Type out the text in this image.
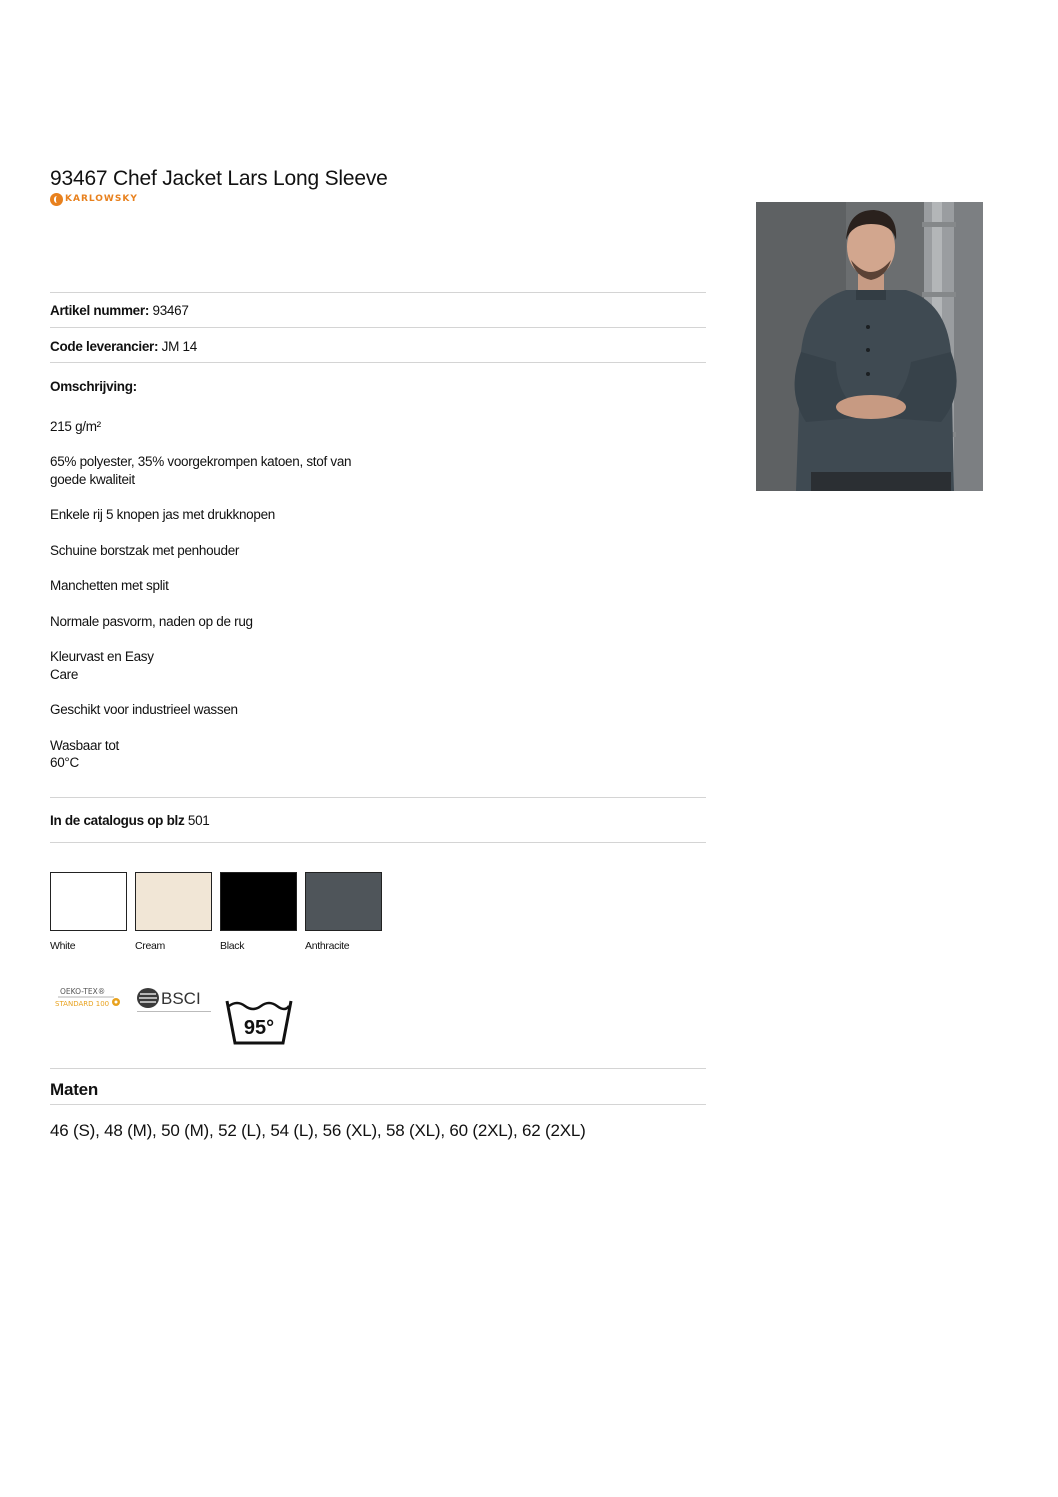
93467 Chef Jacket Lars Long Sleeve
KARLOWSKY
Artikel nummer: 93467
Code leverancier: JM 14

Omschrijving:

215 g/m²

65% polyester, 35% voorgekrompen katoen, stof van goede kwaliteit

Enkele rij 5 knopen jas met drukknopen

Schuine borstzak met penhouder

Manchetten met split

Normale pasvorm, naden op de rug

Kleurvast en Easy Care

Geschikt voor industrieel wassen

Wasbaar tot 60°C

In de catalogus op blz 501
White	Cream	Black	Anthracite
OEKO-TEX®
STANDARD 100	BSCI
95°
Maten
46 (S), 48 (M), 50 (M), 52 (L), 54 (L), 56 (XL), 58 (XL), 60 (2XL), 62 (2XL)
